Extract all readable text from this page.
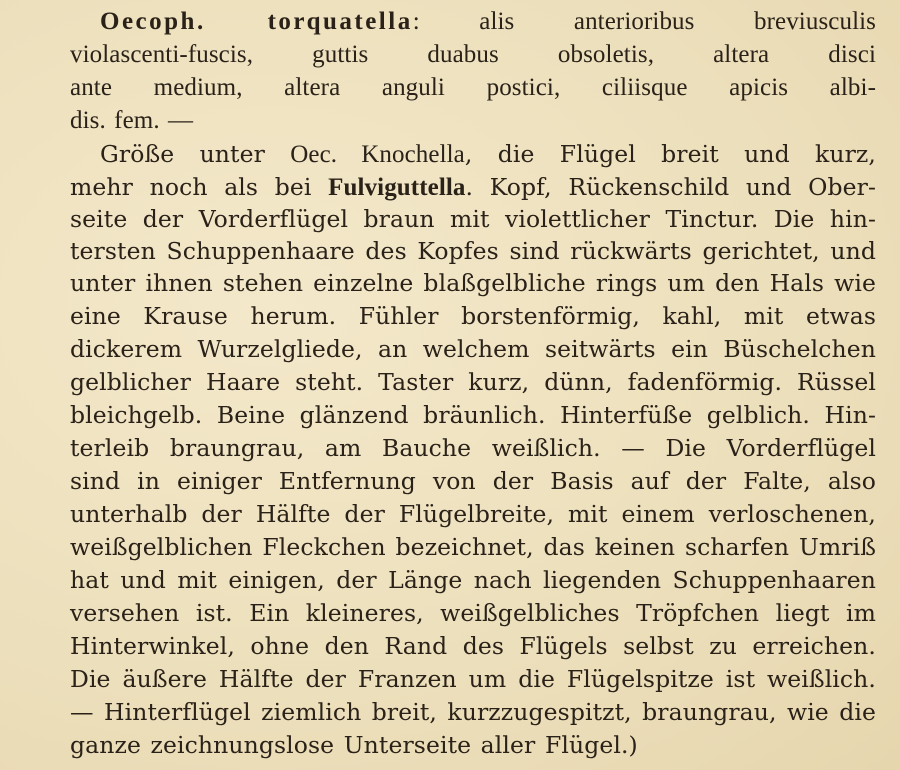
Oecoph. torquatella: alis anterioribus breviusculis
violascenti-fuscis, guttis duabus obsoletis, altera disci
ante medium, altera anguli postici, ciliisque apicis albi-
dis. fem. —
Größe unter Oec. Knochella, die Flügel breit und kurz,
mehr noch als bei Fulviguttella. Kopf, Rückenschild und Ober-
seite der Vorderflügel braun mit violettlicher Tinctur. Die hin-
tersten Schuppenhaare des Kopfes sind rückwärts gerichtet, und
unter ihnen stehen einzelne blaßgelbliche rings um den Hals wie
eine Krause herum. Fühler borstenförmig, kahl, mit etwas
dickerem Wurzelgliede, an welchem seitwärts ein Büschelchen
gelblicher Haare steht. Taster kurz, dünn, fadenförmig. Rüssel
bleichgelb. Beine glänzend bräunlich. Hinterfüße gelblich. Hin-
terleib braungrau, am Bauche weißlich. — Die Vorderflügel
sind in einiger Entfernung von der Basis auf der Falte, also
unterhalb der Hälfte der Flügelbreite, mit einem verloschenen,
weißgelblichen Fleckchen bezeichnet, das keinen scharfen Umriß
hat und mit einigen, der Länge nach liegenden Schuppenhaaren
versehen ist. Ein kleineres, weißgelbliches Tröpfchen liegt im
Hinterwinkel, ohne den Rand des Flügels selbst zu erreichen.
Die äußere Hälfte der Franzen um die Flügelspitze ist weißlich.
— Hinterflügel ziemlich breit, kurzzugespitzt, braungrau, wie die
ganze zeichnungslose Unterseite aller Flügel.)
